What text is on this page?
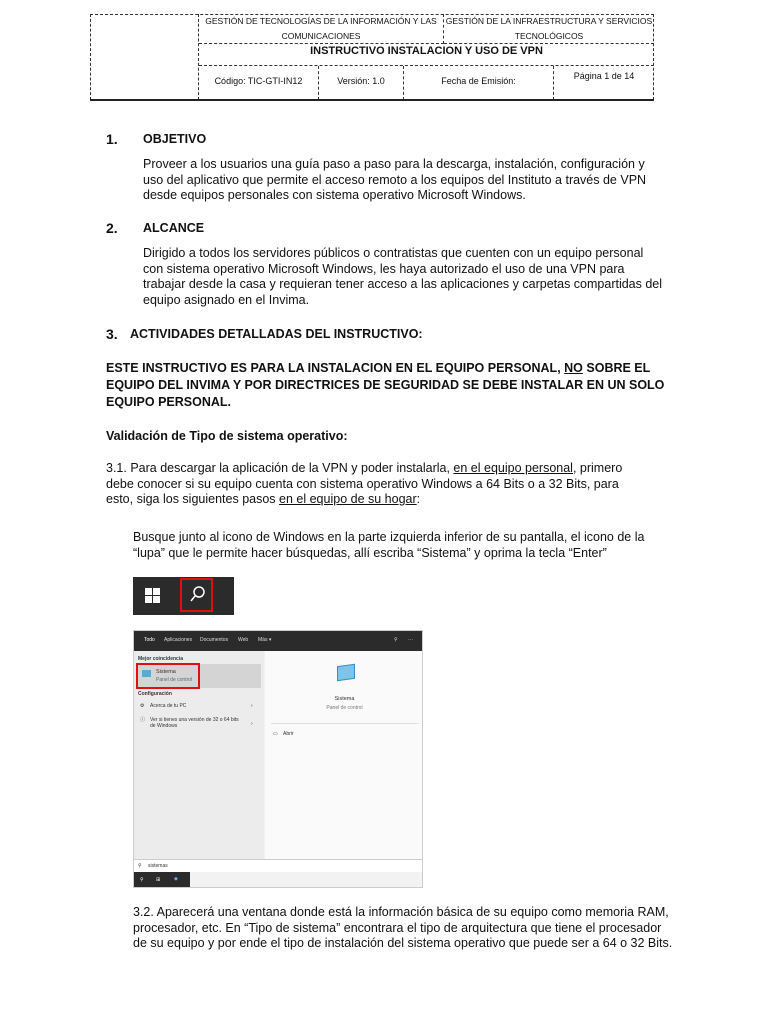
GESTIÓN DE TECNOLOGÍAS DE LA INFORMACIÓN Y LAS COMUNICACIONES
GESTIÓN DE LA INFRAESTRUCTURA Y SERVICIOS TECNOLÓGICOS
INSTRUCTIVO INSTALACION Y USO DE VPN
Código: TIC-GTI-IN12	Versión: 1.0	Fecha de Emisión:	Página 1 de 14
1. OBJETIVO
Proveer a los usuarios una guía paso a paso para la descarga, instalación, configuración y uso del aplicativo que permite el acceso remoto a los equipos del Instituto a través de VPN desde equipos personales con sistema operativo Microsoft Windows.
2. ALCANCE
Dirigido a todos los servidores públicos o contratistas que cuenten con un equipo personal con sistema operativo Microsoft Windows, les haya autorizado el uso de una VPN para trabajar desde la casa y requieran tener acceso a las aplicaciones y carpetas compartidas del equipo asignado en el Invima.
3. ACTIVIDADES DETALLADAS DEL INSTRUCTIVO:
ESTE INSTRUCTIVO ES PARA LA INSTALACION EN EL EQUIPO PERSONAL, NO SOBRE EL EQUIPO DEL INVIMA Y POR DIRECTRICES DE SEGURIDAD SE DEBE INSTALAR EN UN SOLO EQUIPO PERSONAL.
Validación de Tipo de sistema operativo:
3.1. Para descargar la aplicación de la VPN y poder instalarla, en el equipo personal, primero debe conocer si su equipo cuenta con sistema operativo Windows a 64 Bits o a 32 Bits, para esto, siga los siguientes pasos en el equipo de su hogar:
Busque junto al icono de Windows en la parte izquierda inferior de su pantalla, el icono de la “lupa” que le permite hacer búsquedas, allí escriba “Sistema” y oprima la tecla “Enter”
Todo Aplicaciones Documentos Web Más ▾	⚲ ···
Mejor coincidencia
Sistema
Panel de control
Configuración
⚙ Acerca de tu PC	›
ⓘ Ver si tienes una versión de 32 o 64 bits de Windows	›
Sistema
Panel de control
▭ Abrir
⚲ sistemas
⚲ ⊞	◆
3.2. Aparecerá una ventana donde está la información básica de su equipo como memoria RAM, procesador, etc. En “Tipo de sistema” encontrara el tipo de arquitectura que tiene el procesador de su equipo y por ende el tipo de instalación del sistema operativo que puede ser a 64 o 32 Bits.
